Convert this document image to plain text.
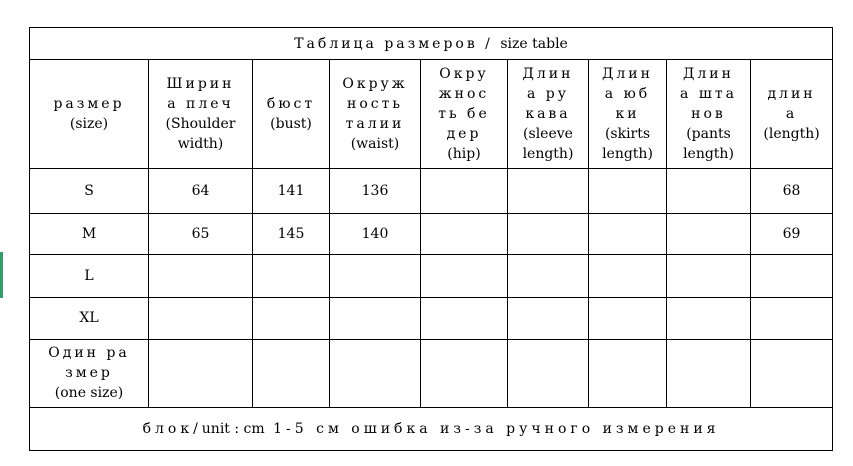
Таблица размеров / size table								

размер
(size)	Ширин
а плеч
(Shoulder
width)	бюст
(bust)	Окруж
ность
талии
(waist)	Окру
жнос
ть бе
дер
(hip)	Длин
а ру
кава
(sleeve
length)	Длин
а юб
ки
(skirts
length)	Длин
а шта
нов
(pants
length)	длин
а
(length)

S	64	141	136					68
M	65	145	140					69
L								
XL								

Один ра
змер
(one size)								

блок/unit : cm 1-5 см ошибка из-за ручного измерения								
